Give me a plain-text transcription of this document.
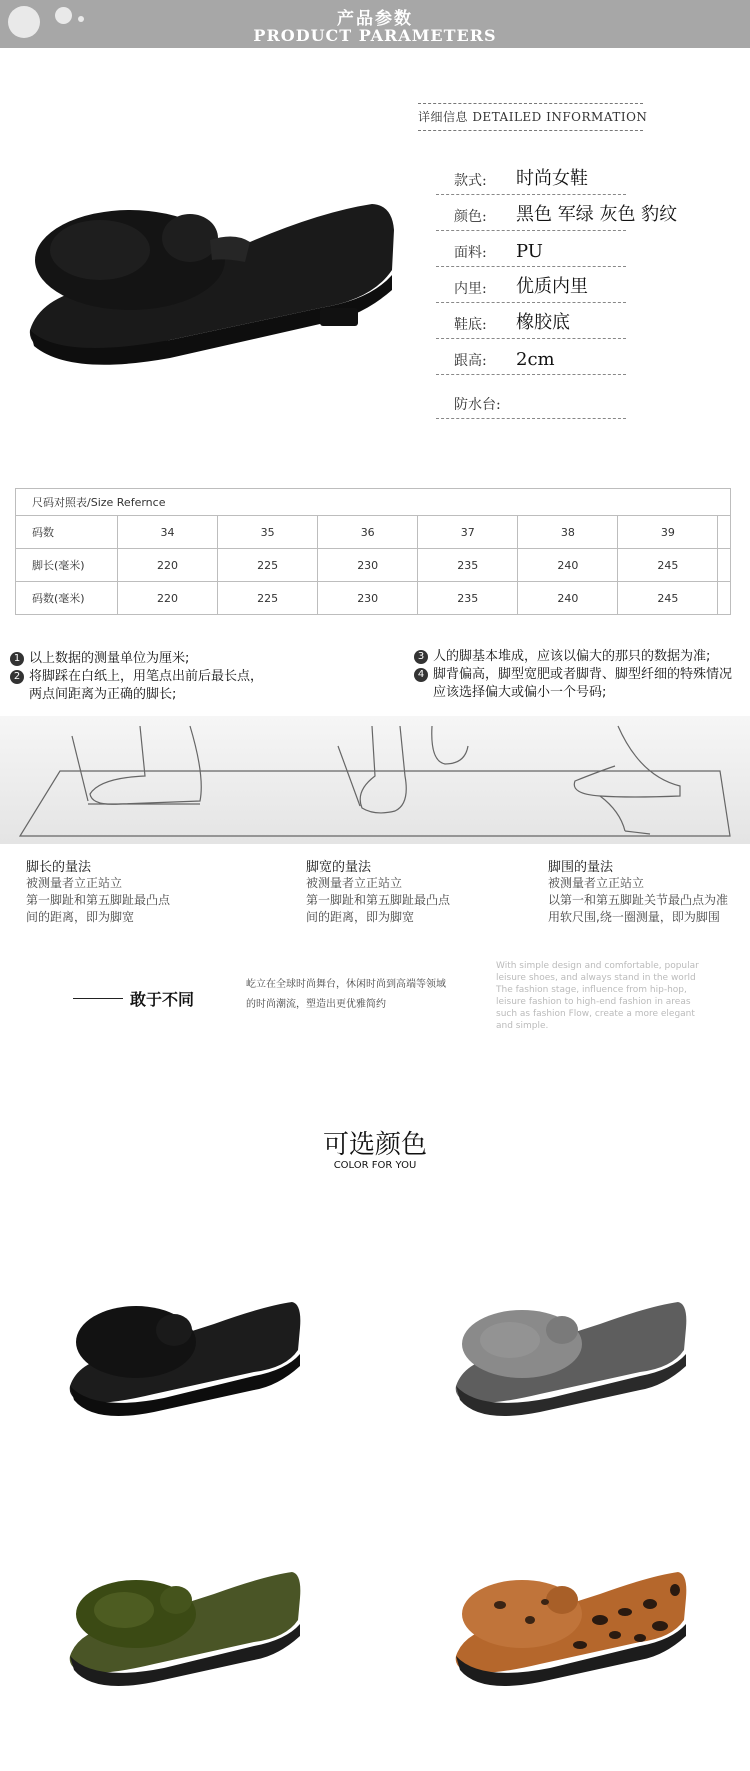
产品参数
PRODUCT PARAMETERS
详细信息 DETAILED INFORMATION
款式: 时尚女鞋
颜色: 黑色 军绿 灰色 豹纹
面料: PU
内里: 优质内里
鞋底: 橡胶底
跟高: 2cm
防水台:
尺码对照表/Size Refernce							
码数	34	35	36	37	38	39	
脚长(毫米)	220	225	230	235	240	245	
码数(毫米)	220	225	230	235	240	245	
1 以上数据的测量单位为厘米;
2 将脚踩在白纸上，用笔点出前后最长点，
两点间距离为正确的脚长;
3 人的脚基本堆成，应该以偏大的那只的数据为准;
4 脚背偏高，脚型宽肥或者脚背、脚型纤细的特殊情况
应该选择偏大或偏小一个号码;
脚长的量法
被测量者立正站立
第一脚趾和第五脚趾最凸点
间的距离，即为脚宽
脚宽的量法
被测量者立正站立
第一脚趾和第五脚趾最凸点
间的距离，即为脚宽
脚围的量法
被测量者立正站立
以第一和第五脚趾关节最凸点为准
用软尺围,绕一圈测量，即为脚围
敢于不同
屹立在全球时尚舞台，休闲时尚到高端等领域
的时尚潮流，塑造出更优雅简约
With simple design and comfortable, popular leisure shoes, and always stand in the world The fashion stage, influence from hip-hop, leisure fashion to high-end fashion in areas such as fashion Flow, create a more elegant and simple.
可选颜色
COLOR FOR YOU
